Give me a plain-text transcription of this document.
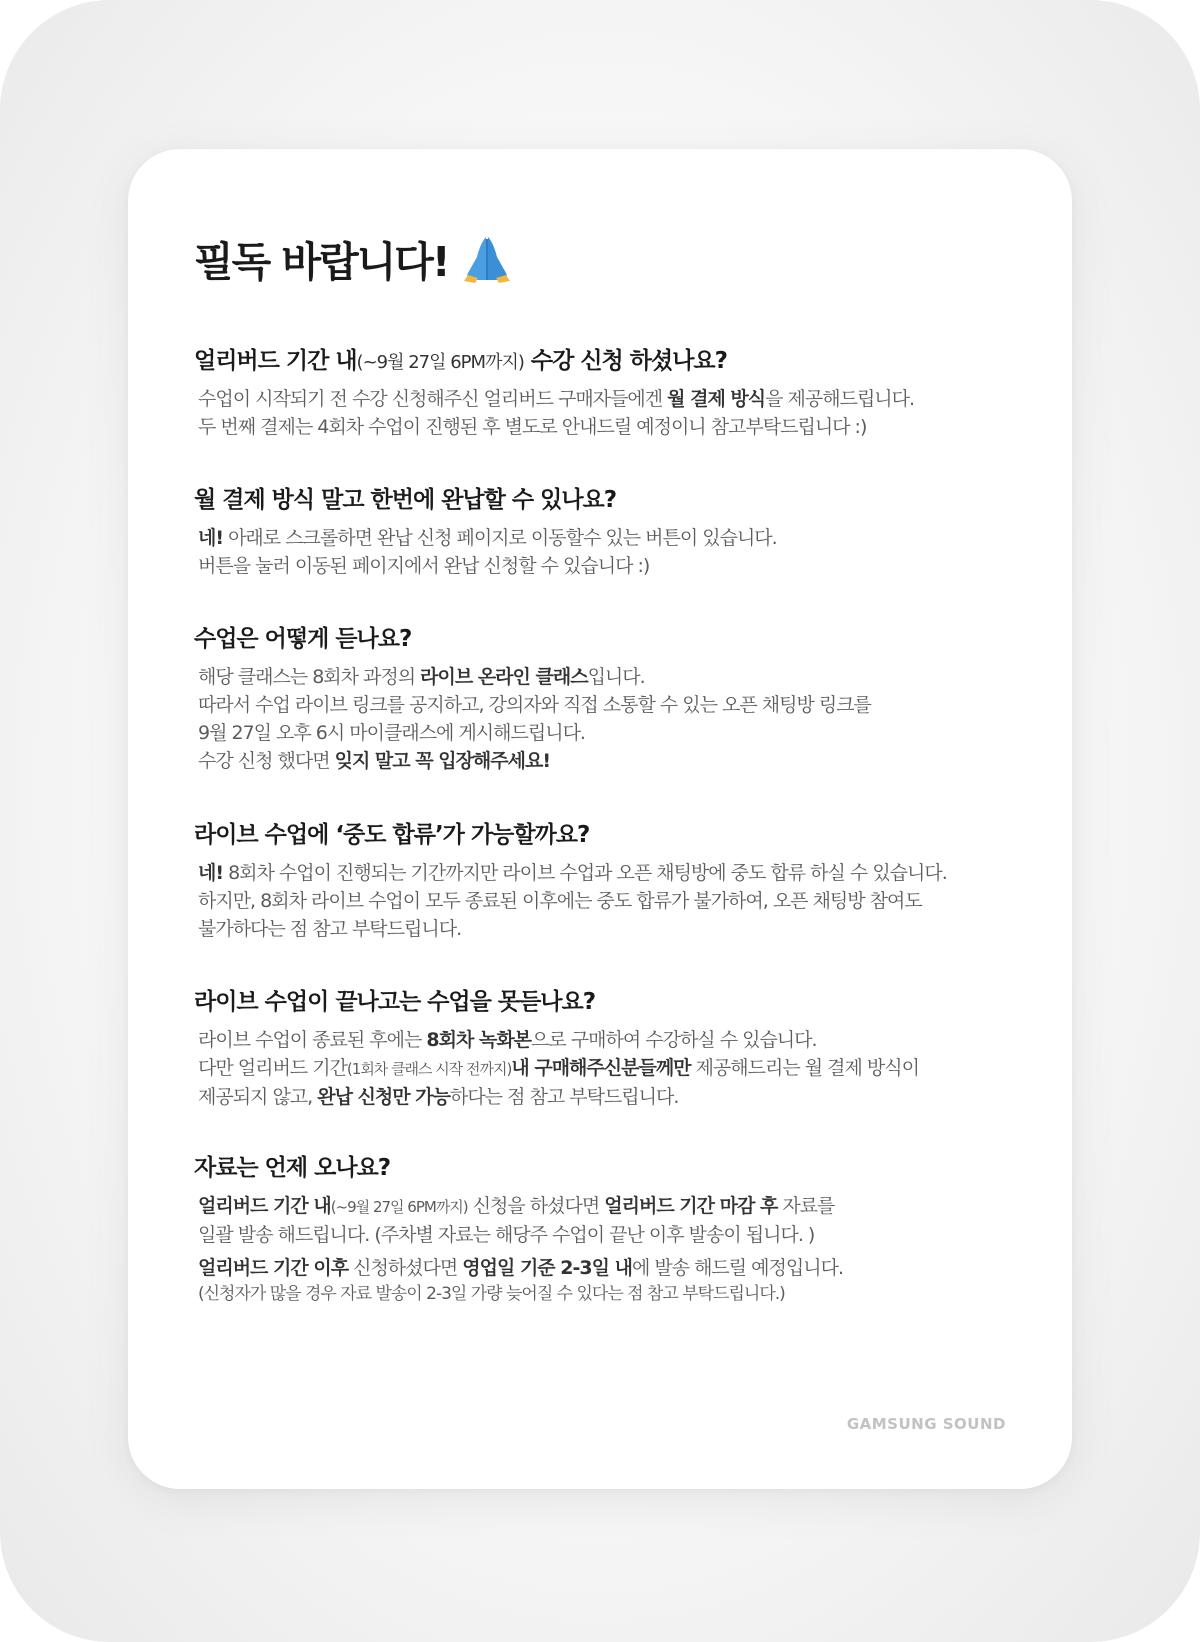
필독 바랍니다!

얼리버드 기간 내(~9월 27일 6PM까지) 수강 신청 하셨나요?

수업이 시작되기 전 수강 신청해주신 얼리버드 구매자들에겐 월 결제 방식을 제공해드립니다.

두 번째 결제는 4회차 수업이 진행된 후 별도로 안내드릴 예정이니 참고부탁드립니다 :)

월 결제 방식 말고 한번에 완납할 수 있나요?

네! 아래로 스크롤하면 완납 신청 페이지로 이동할수 있는 버튼이 있습니다.

버튼을 눌러 이동된 페이지에서 완납 신청할 수 있습니다 :)

수업은 어떻게 듣나요?

해당 클래스는 8회차 과정의 라이브 온라인 클래스입니다.

따라서 수업 라이브 링크를 공지하고, 강의자와 직접 소통할 수 있는 오픈 채팅방 링크를

9월 27일 오후 6시 마이클래스에 게시해드립니다.

수강 신청 했다면 잊지 말고 꼭 입장해주세요!

라이브 수업에 ‘중도 합류’가 가능할까요?

네! 8회차 수업이 진행되는 기간까지만 라이브 수업과 오픈 채팅방에 중도 합류 하실 수 있습니다.

하지만, 8회차 라이브 수업이 모두 종료된 이후에는 중도 합류가 불가하여, 오픈 채팅방 참여도

불가하다는 점 참고 부탁드립니다.

라이브 수업이 끝나고는 수업을 못듣나요?

라이브 수업이 종료된 후에는 8회차 녹화본으로 구매하여 수강하실 수 있습니다.

다만 얼리버드 기간(1회차 클래스 시작 전까지)내 구매해주신분들께만 제공해드리는 월 결제 방식이

제공되지 않고, 완납 신청만 가능하다는 점 참고 부탁드립니다.

자료는 언제 오나요?

얼리버드 기간 내(~9월 27일 6PM까지) 신청을 하셨다면 얼리버드 기간 마감 후 자료를

일괄 발송 해드립니다. (주차별 자료는 해당주 수업이 끝난 이후 발송이 됩니다. )

얼리버드 기간 이후 신청하셨다면 영업일 기준 2-3일 내에 발송 해드릴 예정입니다.

(신청자가 많을 경우 자료 발송이 2-3일 가량 늦어질 수 있다는 점 참고 부탁드립니다.)

GAMSUNG SOUND
